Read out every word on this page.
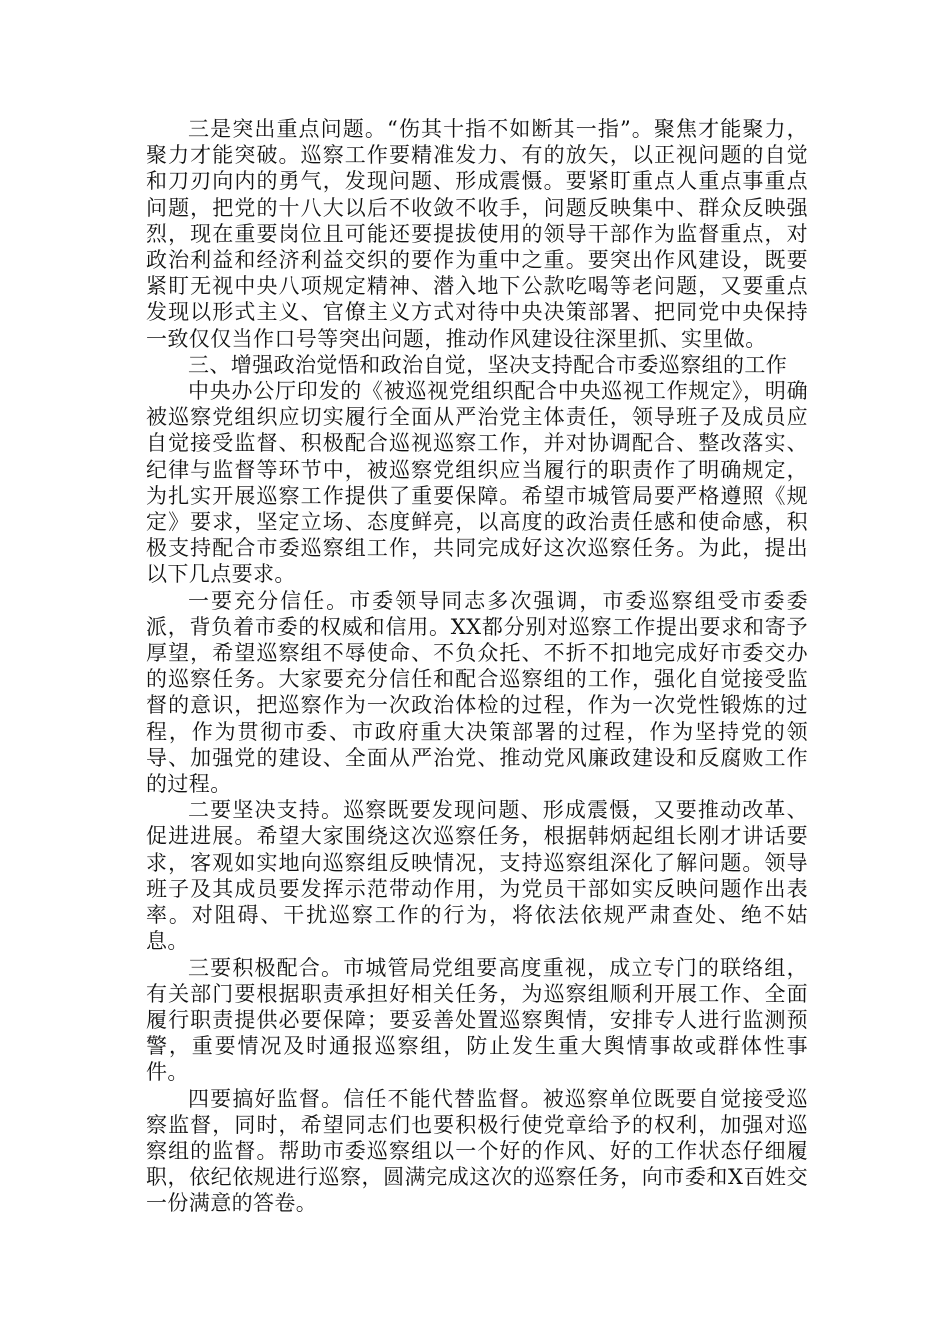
三是突出重点问题。“伤其十指不如断其一指”。聚焦才能聚力，聚力才能突破。巡察工作要精准发力、有的放矢，以正视问题的自觉和刀刃向内的勇气，发现问题、形成震慑。要紧盯重点人重点事重点问题，把党的十八大以后不收敛不收手，问题反映集中、群众反映强烈，现在重要岗位且可能还要提拔使用的领导干部作为监督重点，对政治利益和经济利益交织的要作为重中之重。要突出作风建设，既要紧盯无视中央八项规定精神、潜入地下公款吃喝等老问题，又要重点发现以形式主义、官僚主义方式对待中央决策部署、把同党中央保持一致仅仅当作口号等突出问题，推动作风建设往深里抓、实里做。

三、增强政治觉悟和政治自觉，坚决支持配合市委巡察组的工作

中央办公厅印发的《被巡视党组织配合中央巡视工作规定》，明确被巡察党组织应切实履行全面从严治党主体责任，领导班子及成员应自觉接受监督、积极配合巡视巡察工作，并对协调配合、整改落实、纪律与监督等环节中，被巡察党组织应当履行的职责作了明确规定，为扎实开展巡察工作提供了重要保障。希望市城管局要严格遵照《规定》要求，坚定立场、态度鲜亮，以高度的政治责任感和使命感，积极支持配合市委巡察组工作，共同完成好这次巡察任务。为此，提出以下几点要求。

一要充分信任。市委领导同志多次强调，市委巡察组受市委委派，背负着市委的权威和信用。XX都分别对巡察工作提出要求和寄予厚望，希望巡察组不辱使命、不负众托、不折不扣地完成好市委交办的巡察任务。大家要充分信任和配合巡察组的工作，强化自觉接受监督的意识，把巡察作为一次政治体检的过程，作为一次党性锻炼的过程，作为贯彻市委、市政府重大决策部署的过程，作为坚持党的领导、加强党的建设、全面从严治党、推动党风廉政建设和反腐败工作的过程。

二要坚决支持。巡察既要发现问题、形成震慑，又要推动改革、促进进展。希望大家围绕这次巡察任务，根据韩炳起组长刚才讲话要求，客观如实地向巡察组反映情况，支持巡察组深化了解问题。领导班子及其成员要发挥示范带动作用，为党员干部如实反映问题作出表率。对阻碍、干扰巡察工作的行为，将依法依规严肃查处、绝不姑息。

三要积极配合。市城管局党组要高度重视，成立专门的联络组，有关部门要根据职责承担好相关任务，为巡察组顺利开展工作、全面履行职责提供必要保障；要妥善处置巡察舆情，安排专人进行监测预警，重要情况及时通报巡察组，防止发生重大舆情事故或群体性事件。

四要搞好监督。信任不能代替监督。被巡察单位既要自觉接受巡察监督，同时，希望同志们也要积极行使党章给予的权利，加强对巡察组的监督。帮助市委巡察组以一个好的作风、好的工作状态仔细履职，依纪依规进行巡察，圆满完成这次的巡察任务，向市委和X百姓交一份满意的答卷。
